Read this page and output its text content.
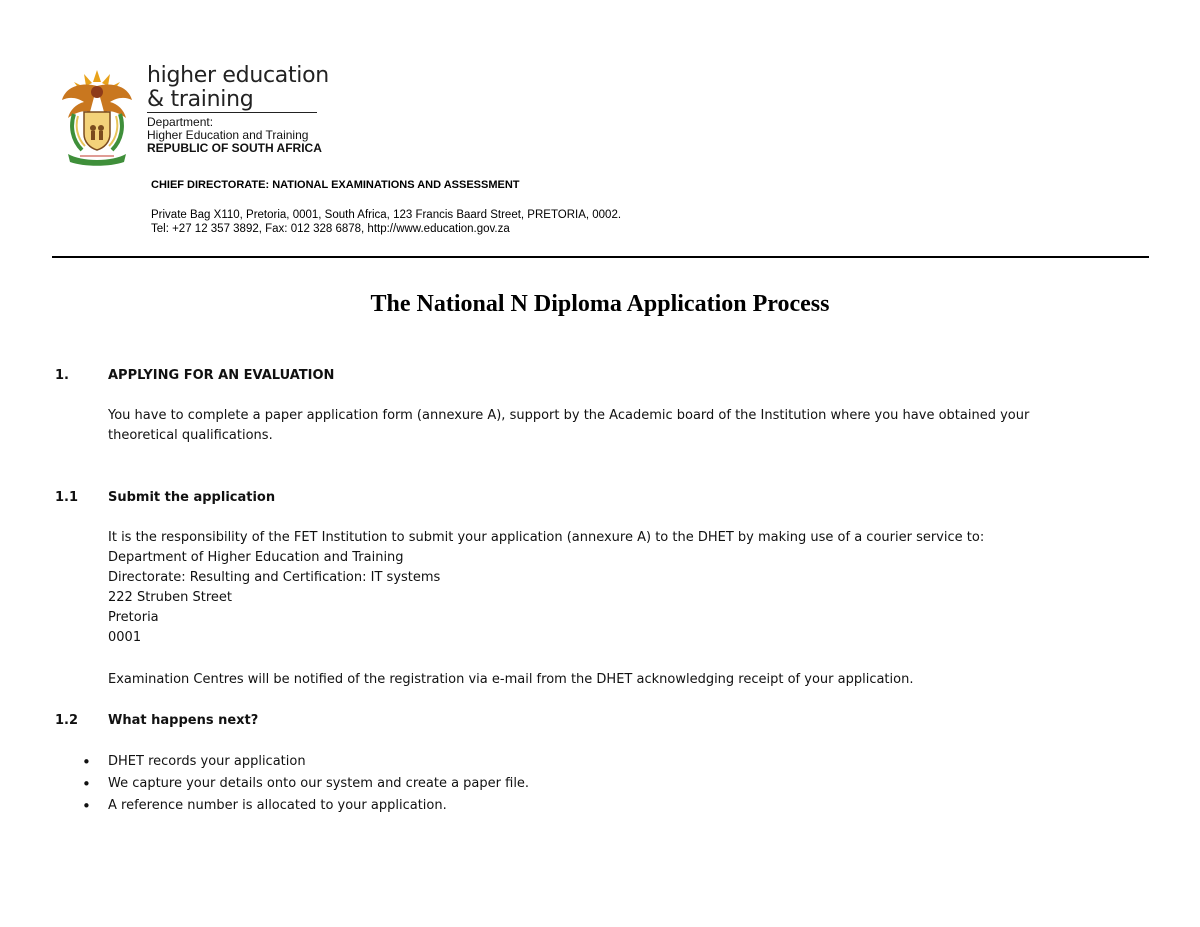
higher education
& training
Department:
Higher Education and Training
REPUBLIC OF SOUTH AFRICA
CHIEF DIRECTORATE: NATIONAL EXAMINATIONS AND ASSESSMENT
Private Bag X110, Pretoria, 0001, South Africa, 123 Francis Baard Street, PRETORIA, 0002.
Tel: +27 12 357 3892, Fax: 012 328 6878, http://www.education.gov.za
The National N Diploma Application Process
1.	APPLYING FOR AN EVALUATION
You have to complete a paper application form (annexure A), support by the Academic board of the Institution where you have obtained your
theoretical qualifications.
1.1 Submit the application
It is the responsibility of the FET Institution to submit your application (annexure A) to the DHET by making use of a courier service to:
Department of Higher Education and Training
Directorate: Resulting and Certification: IT systems
222 Struben Street
Pretoria
0001
Examination Centres will be notified of the registration via e-mail from the DHET acknowledging receipt of your application.
1.2 What happens next?
• DHET records your application
• We capture your details onto our system and create a paper file.
• A reference number is allocated to your application.
